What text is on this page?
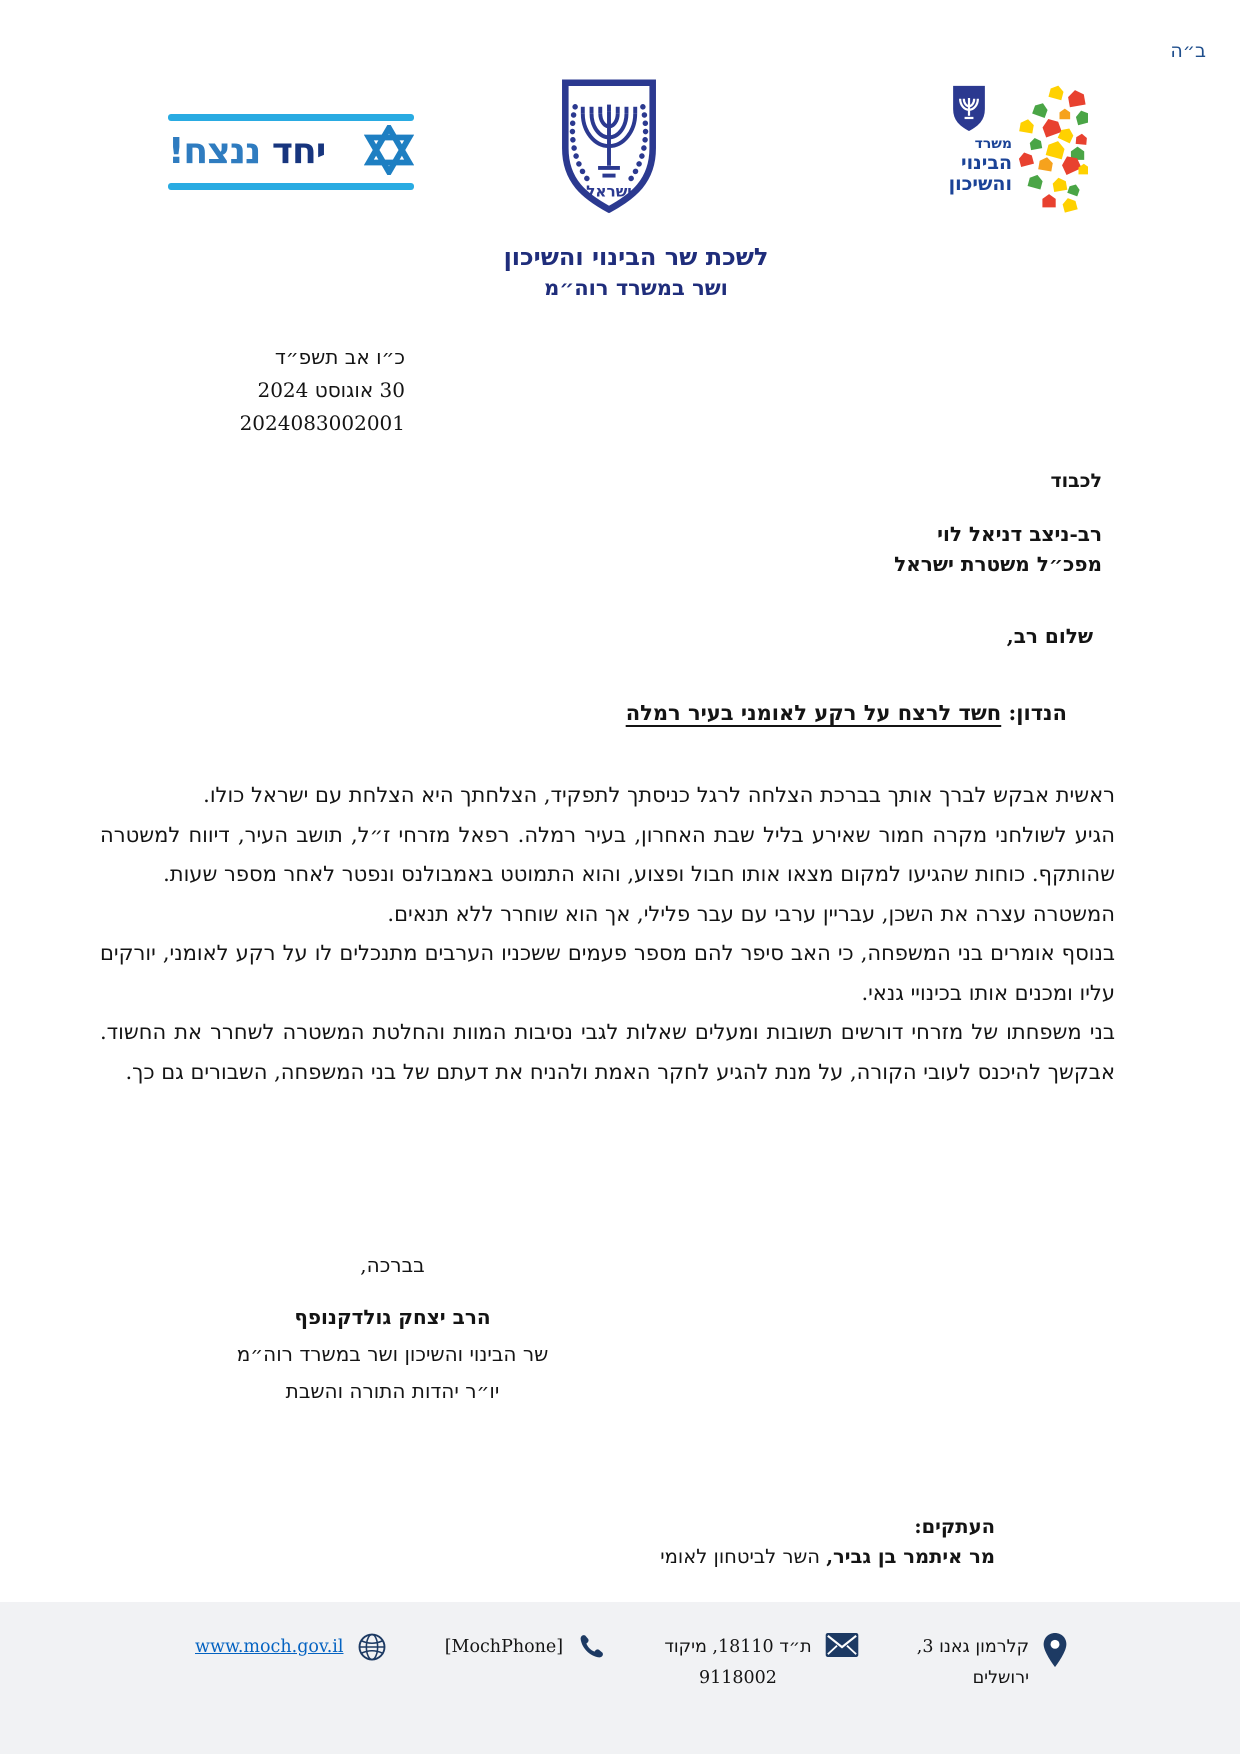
ב״ה
יחד ננצח!
ישראל
משרד
הבינוי
והשיכון
לשכת שר הבינוי והשיכון
ושר במשרד רוה״מ
כ״ו אב תשפ״ד
30 אוגוסט 2024
2024083002001
לכבוד
רב-ניצב דניאל לוי
מפכ״ל משטרת ישראל
שלום רב,
הנדון: חשד לרצח על רקע לאומני בעיר רמלה

ראשית אבקש לברך אותך בברכת הצלחה לרגל כניסתך לתפקיד, הצלחתך היא הצלחת עם ישראל כולו.

הגיע לשולחני מקרה חמור שאירע בליל שבת האחרון, בעיר רמלה. רפאל מזרחי ז״ל, תושב העיר, דיווח למשטרה שהותקף. כוחות שהגיעו למקום מצאו אותו חבול ופצוע, והוא התמוטט באמבולנס ונפטר לאחר מספר שעות.

המשטרה עצרה את השכן, עבריין ערבי עם עבר פלילי, אך הוא שוחרר ללא תנאים.

בנוסף אומרים בני המשפחה, כי האב סיפר להם מספר פעמים ששכניו הערבים מתנכלים לו על רקע לאומני, יורקים עליו ומכנים אותו בכינויי גנאי.

בני משפחתו של מזרחי דורשים תשובות ומעלים שאלות לגבי נסיבות המוות והחלטת המשטרה לשחרר את החשוד. אבקשך להיכנס לעובי הקורה, על מנת להגיע לחקר האמת ולהניח את דעתם של בני המשפחה, השבורים גם כך.

בברכה,
הרב יצחק גולדקנופף
שר הבינוי והשיכון ושר במשרד רוה״מ
יו״ר יהדות התורה והשבת
העתקים:
מר איתמר בן גביר, השר לביטחון לאומי
קלרמון גאנו 3,
ירושלים
ת״ד 18110, מיקוד
9118002
[MochPhone]
www.moch.gov.il
